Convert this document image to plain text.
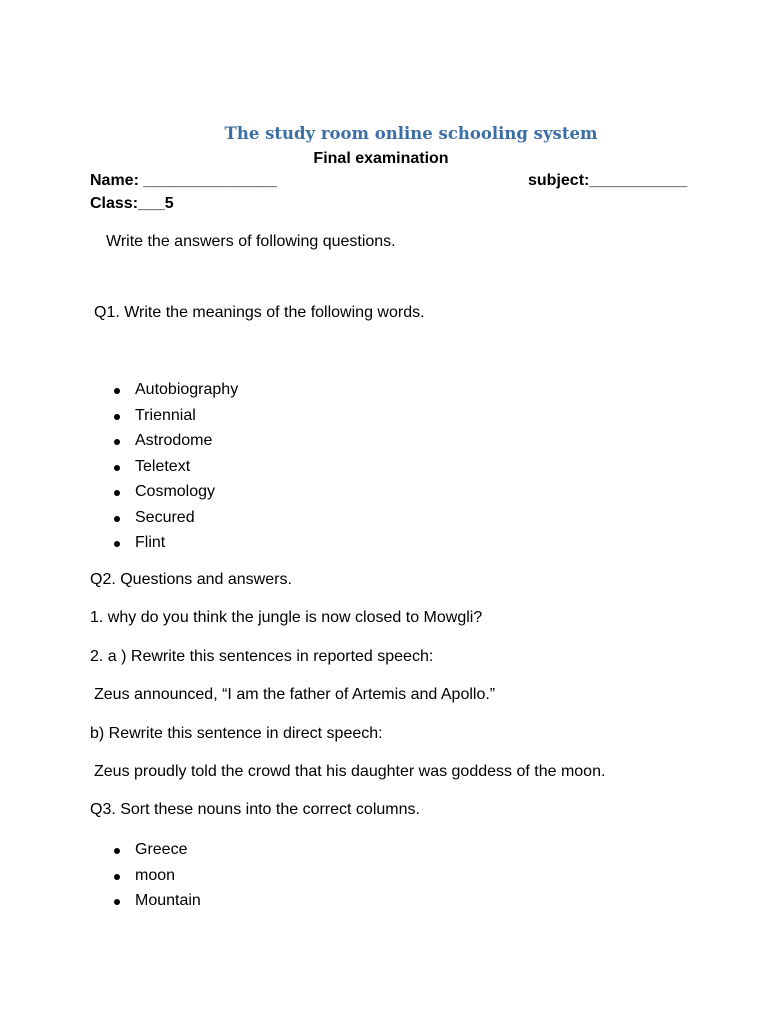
The study room online schooling system
Final examination
Name: _______________	subject:___________
Class:___5
Write the answers of following questions.
Q1. Write the meanings of the following words.
Autobiography
Triennial
Astrodome
Teletext
Cosmology
Secured
Flint
Q2. Questions and answers.
1. why do you think the jungle is now closed to Mowgli?
2. a ) Rewrite this sentences in reported speech:
Zeus announced, “I am the father of Artemis and Apollo.”
b) Rewrite this sentence in direct speech:
Zeus proudly told the crowd that his daughter was goddess of the moon.
Q3. Sort these nouns into the correct columns.
Greece
moon
Mountain
